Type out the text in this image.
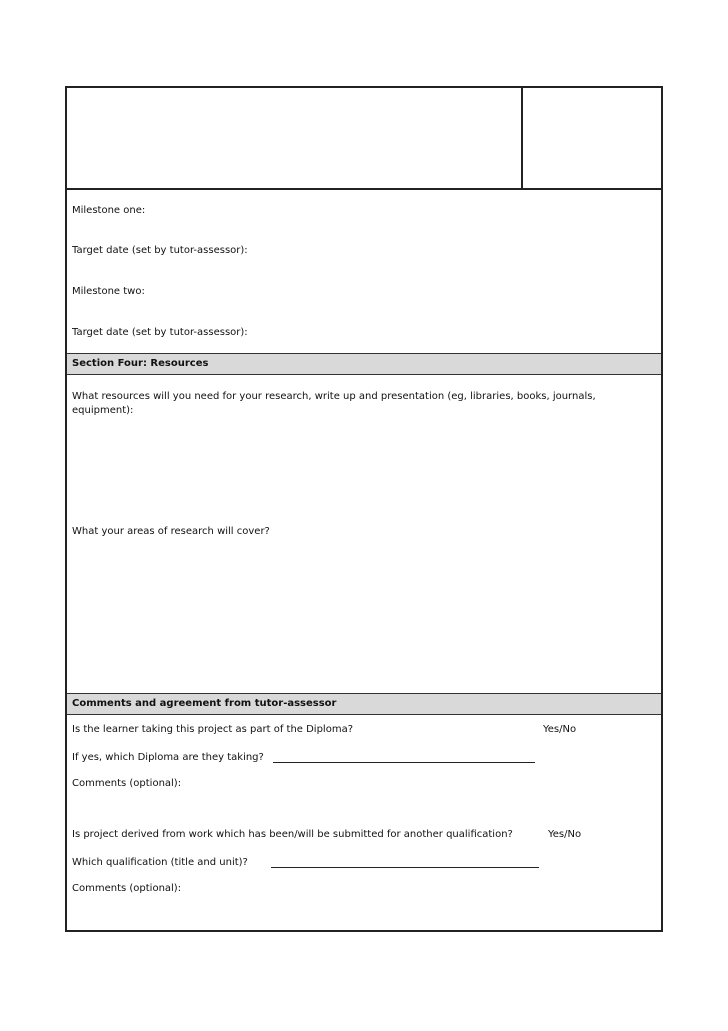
Milestone one:
Target date (set by tutor-assessor):
Milestone two:
Target date (set by tutor-assessor):
Section Four: Resources
What resources will you need for your research, write up and presentation (eg, libraries, books, journals, equipment):
What your areas of research will cover?
Comments and agreement from tutor-assessor
Is the learner taking this project as part of the Diploma?	Yes/No
If yes, which Diploma are they taking?
Comments (optional):
Is project derived from work which has been/will be submitted for another qualification?	Yes/No
Which qualification (title and unit)?
Comments (optional):
